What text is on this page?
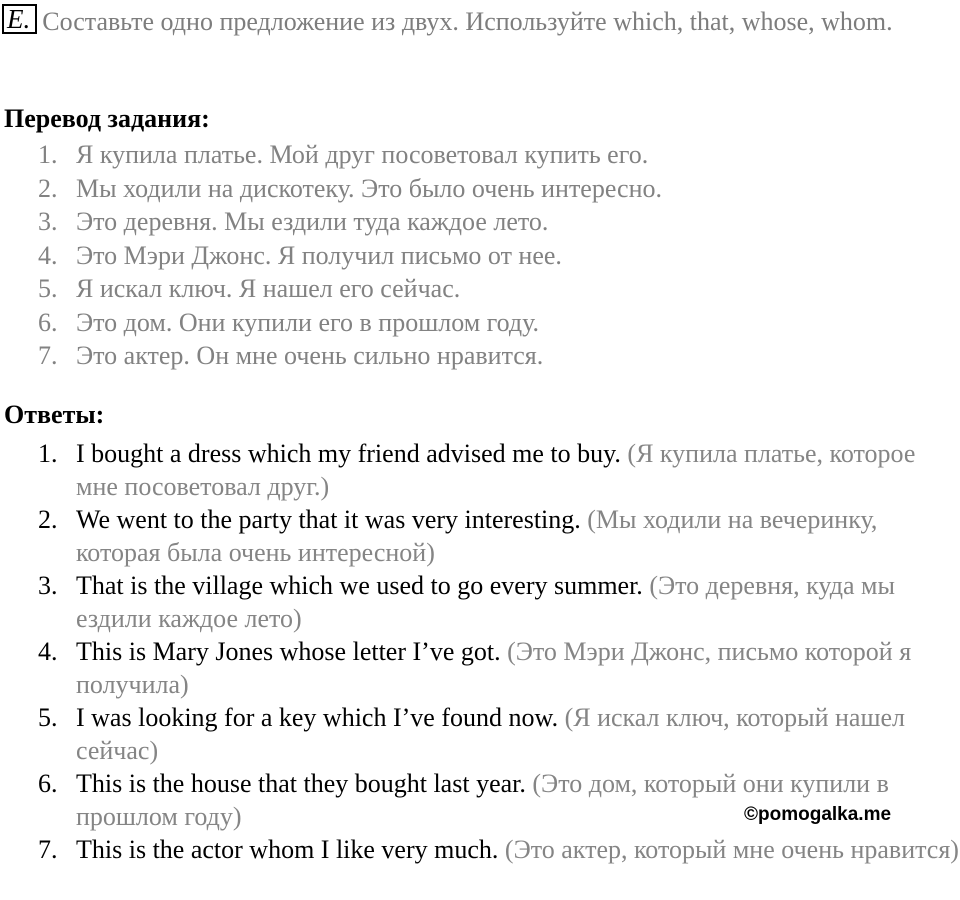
E. Составьте одно предложение из двух. Используйте which, that, whose, whom.
Перевод задания:
1. Я купила платье. Мой друг посоветовал купить его.
2. Мы ходили на дискотеку. Это было очень интересно.
3. Это деревня. Мы ездили туда каждое лето.
4. Это Мэри Джонс. Я получил письмо от нее.
5. Я искал ключ. Я нашел его сейчас.
6. Это дом. Они купили его в прошлом году.
7. Это актер. Он мне очень сильно нравится.
Ответы:
1. I bought a dress which my friend advised me to buy. (Я купила платье, которое мне посоветовал друг.)
2. We went to the party that it was very interesting. (Мы ходили на вечеринку, которая была очень интересной)
3. That is the village which we used to go every summer. (Это деревня, куда мы ездили каждое лето)
4. This is Mary Jones whose letter I’ve got. (Это Мэри Джонс, письмо которой я получила)
5. I was looking for a key which I’ve found now. (Я искал ключ, который нашел сейчас)
6. This is the house that they bought last year. (Это дом, который они купили в прошлом году)
7. This is the actor whom I like very much. (Это актер, который мне очень нравится)
©pomogalka.me
